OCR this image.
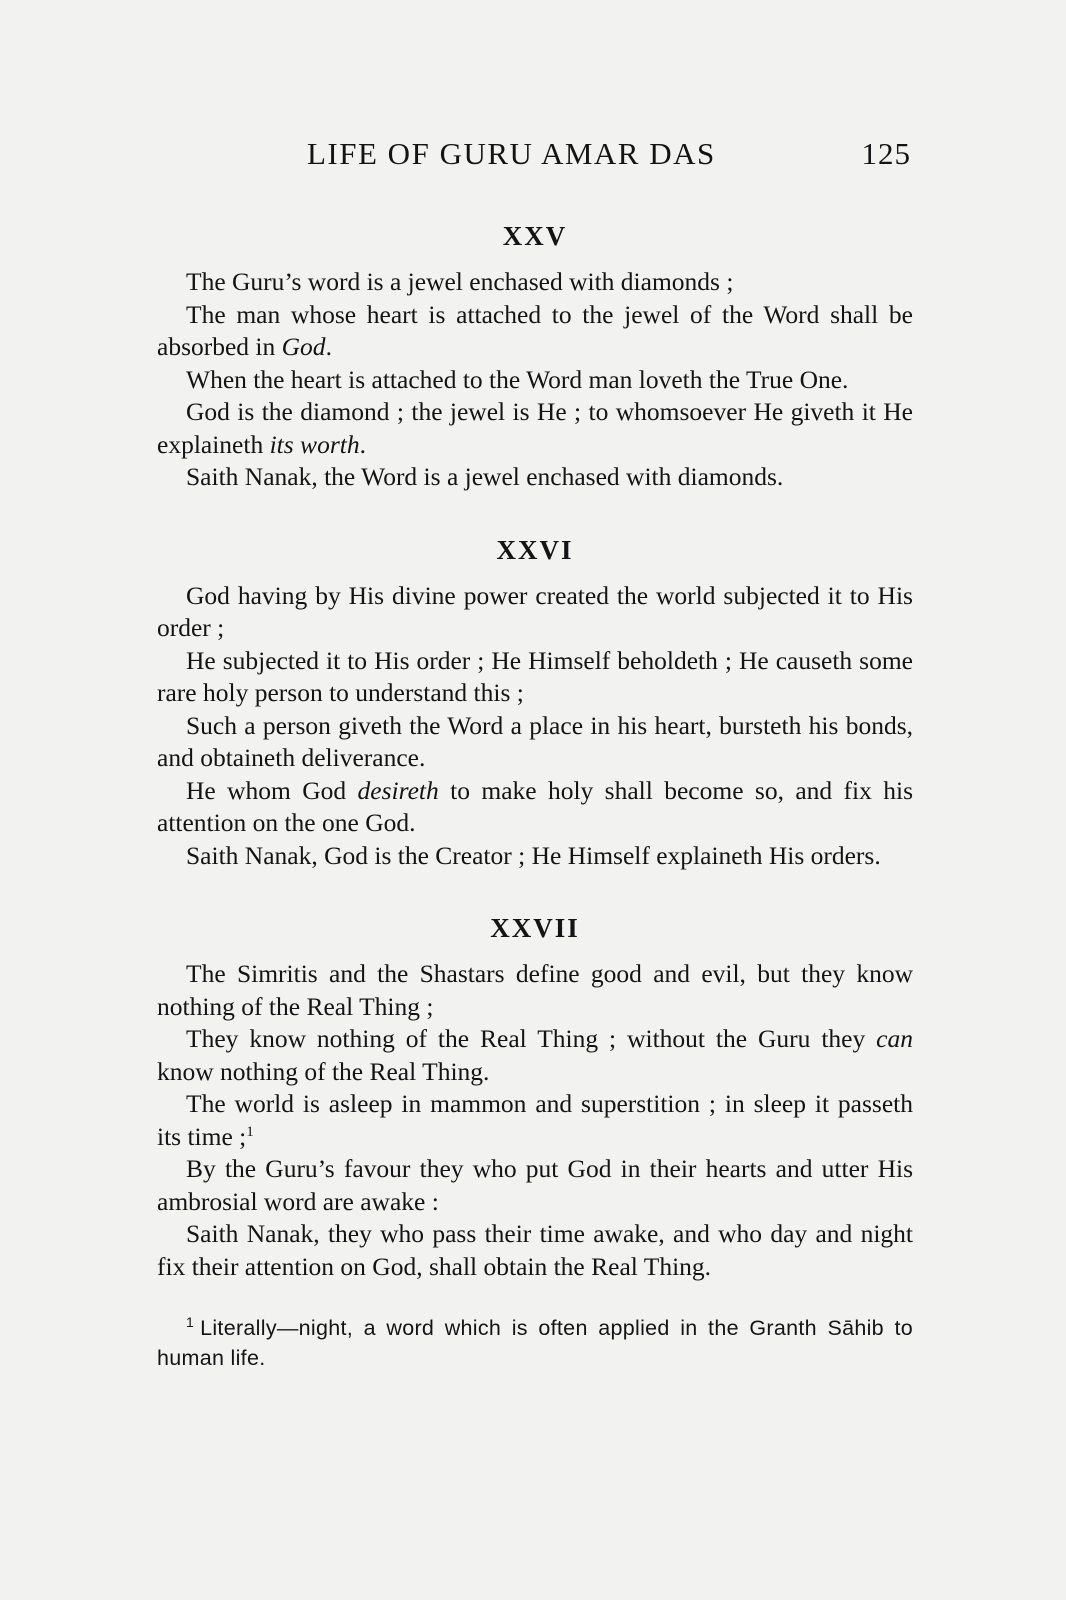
LIFE OF GURU AMAR DAS	125
XXV

The Guru’s word is a jewel enchased with diamonds ;

The man whose heart is attached to the jewel of the Word shall be absorbed in God.

When the heart is attached to the Word man loveth the True One.

God is the diamond ; the jewel is He ; to whomsoever He giveth it He explaineth its worth.

Saith Nanak, the Word is a jewel enchased with diamonds.

XXVI

God having by His divine power created the world subjected it to His order ;

He subjected it to His order ; He Himself beholdeth ; He causeth some rare holy person to understand this ;

Such a person giveth the Word a place in his heart, bursteth his bonds, and obtaineth deliverance.

He whom God desireth to make holy shall become so, and fix his attention on the one God.

Saith Nanak, God is the Creator ; He Himself explaineth His orders.

XXVII

The Simritis and the Shastars define good and evil, but they know nothing of the Real Thing ;

They know nothing of the Real Thing ; without the Guru they can know nothing of the Real Thing.

The world is asleep in mammon and superstition ; in sleep it passeth its time ;$^1$

By the Guru’s favour they who put God in their hearts and utter His ambrosial word are awake :

Saith Nanak, they who pass their time awake, and who day and night fix their attention on God, shall obtain the Real Thing.

$^1$ Literally—night, a word which is often applied in the Granth Sāhib to human life.
